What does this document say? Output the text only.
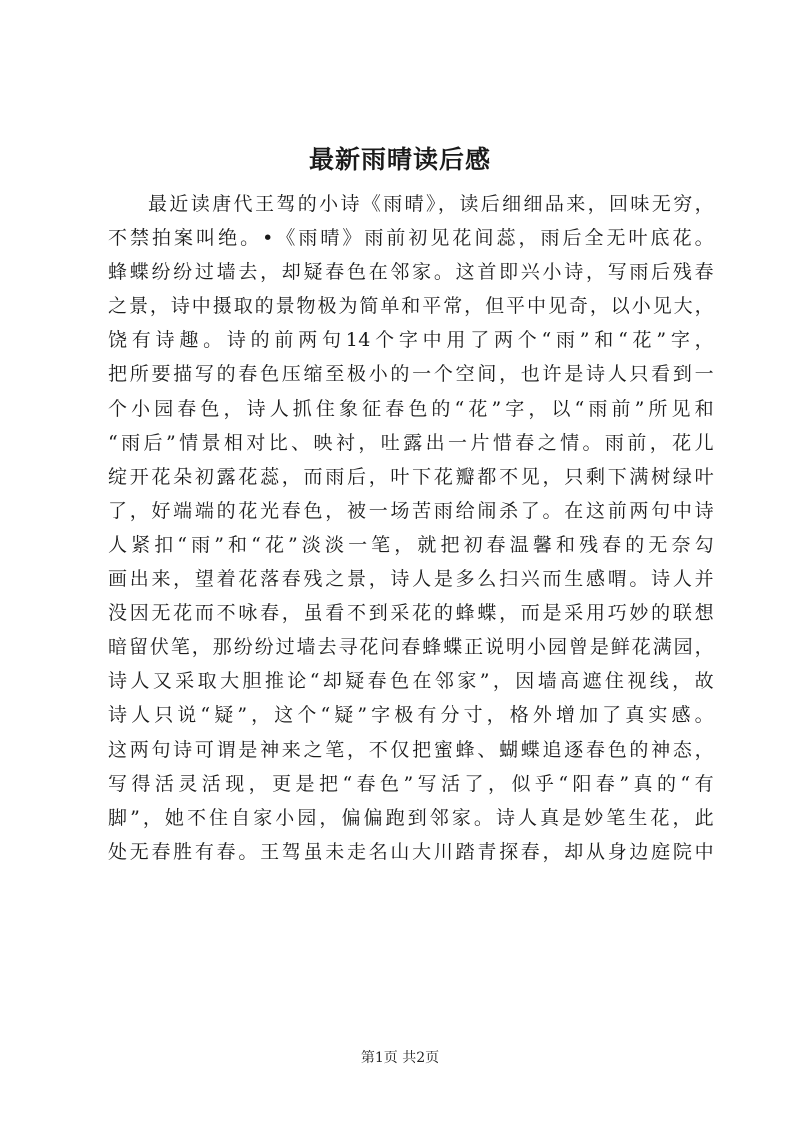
最新雨晴读后感
最近读唐代王驾的小诗《雨晴》，读后细细品来，回味无穷，
不禁拍案叫绝。•《雨晴》雨前初见花间蕊，雨后全无叶底花。
蜂蝶纷纷过墙去，却疑春色在邻家。这首即兴小诗，写雨后残春
之景，诗中摄取的景物极为简单和平常，但平中见奇，以小见大，
饶有诗趣。诗的前两句14个字中用了两个“雨”和“花”字，
把所要描写的春色压缩至极小的一个空间，也许是诗人只看到一
个小园春色，诗人抓住象征春色的“花”字，以“雨前”所见和
“雨后”情景相对比、映衬，吐露出一片惜春之情。雨前，花儿
绽开花朵初露花蕊，而雨后，叶下花瓣都不见，只剩下满树绿叶
了，好端端的花光春色，被一场苦雨给闹杀了。在这前两句中诗
人紧扣“雨”和“花”淡淡一笔，就把初春温馨和残春的无奈勾
画出来，望着花落春残之景，诗人是多么扫兴而生感喟。诗人并
没因无花而不咏春，虽看不到采花的蜂蝶，而是采用巧妙的联想
暗留伏笔，那纷纷过墙去寻花问春蜂蝶正说明小园曾是鲜花满园，
诗人又采取大胆推论“却疑春色在邻家”，因墙高遮住视线，故
诗人只说“疑”，这个“疑”字极有分寸，格外增加了真实感。
这两句诗可谓是神来之笔，不仅把蜜蜂、蝴蝶追逐春色的神态，
写得活灵活现，更是把“春色”写活了，似乎“阳春”真的“有
脚”，她不住自家小园，偏偏跑到邻家。诗人真是妙笔生花，此
处无春胜有春。王驾虽未走名山大川踏青探春，却从身边庭院中
第1页 共2页
